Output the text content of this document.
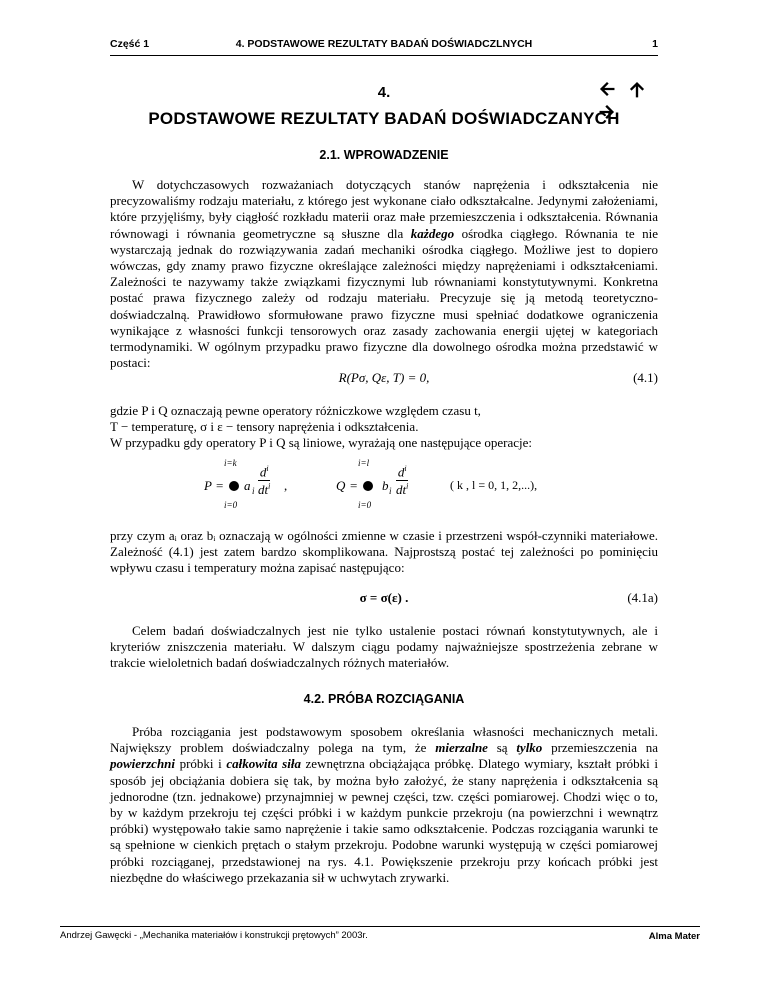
Część 1	4. PODSTAWOWE REZULTATY BADAŃ DOŚWIADCZLNYCH	1
4.

PODSTAWOWE REZULTATY BADAŃ DOŚWIADCZANYCH
2.1. WPROWADZENIE
W dotychczasowych rozważaniach dotyczących stanów naprężenia i odkształcenia nie precyzowaliśmy rodzaju materiału, z którego jest wykonane ciało odkształcalne. Jedynymi założeniami, które przyjęliśmy, były ciągłość rozkładu materii oraz małe przemieszczenia i odkształcenia. Równania równowagi i równania geometryczne są słuszne dla każdego ośrodka ciągłego. Równania te nie wystarczają jednak do rozwiązywania zadań mechaniki ośrodka ciągłego. Możliwe jest to dopiero wówczas, gdy znamy prawo fizyczne określające zależności między naprężeniami i odkształceniami. Zależności te nazywamy także związkami fizycznymi lub równaniami konstytutywnymi. Konkretna postać prawa fizycznego zależy od rodzaju materiału. Precyzuje się ją metodą teoretyczno-doświadczalną. Prawidłowo sformułowane prawo fizyczne musi spełniać dodatkowe ograniczenia wynikające z własności funkcji tensorowych oraz zasady zachowania energii ujętej w kategoriach termodynamiki. W ogólnym przypadku prawo fizyczne dla dowolnego ośrodka można przedstawić w postaci:
R(Pσ, Qε, T) = 0,	(4.1)
gdzie P i Q oznaczają pewne operatory różniczkowe względem czasu t,
T − temperaturę, σ i ε − tensory naprężenia i odkształcenia.
W przypadku gdy operatory P i Q są liniowe, wyrażają one następujące operacje:
P =
i=k
i=0
a i
$d^i$
$dt^i$ ,	Q =
i=l
i=0
b i
$d^i$
$dt^i$	( k , l = 0, 1, 2,...),
przy czym aᵢ oraz bᵢ oznaczają w ogólności zmienne w czasie i przestrzeni współ-czynniki materiałowe. Zależność (4.1) jest zatem bardzo skomplikowana. Najprostszą postać tej zależności po pominięciu wpływu czasu i temperatury można zapisać następująco:
σ = σ(ε) .	(4.1a)
Celem badań doświadczalnych jest nie tylko ustalenie postaci równań konstytutywnych, ale i kryteriów zniszczenia materiału. W dalszym ciągu podamy najważniejsze spostrzeżenia zebrane w trakcie wieloletnich badań doświadczalnych różnych materiałów.
4.2. PRÓBA ROZCIĄGANIA
Próba rozciągania jest podstawowym sposobem określania własności mechanicznych metali. Największy problem doświadczalny polega na tym, że mierzalne są tylko przemieszczenia na powierzchni próbki i całkowita siła zewnętrzna obciążająca próbkę. Dlatego wymiary, kształt próbki i sposób jej obciążania dobiera się tak, by można było założyć, że stany naprężenia i odkształcenia są jednorodne (tzn. jednakowe) przynajmniej w pewnej części, tzw. części pomiarowej. Chodzi więc o to, by w każdym przekroju tej części próbki i w każdym punkcie przekroju (na powierzchni i wewnątrz próbki) występowało takie samo naprężenie i takie samo odkształcenie. Podczas rozciągania warunki te są spełnione w cienkich prętach o stałym przekroju. Podobne warunki występują w części pomiarowej próbki rozciąganej, przedstawionej na rys. 4.1. Powiększenie przekroju przy końcach próbki jest niezbędne do właściwego przekazania sił w uchwytach zrywarki.
Andrzej Gawęcki - „Mechanika materiałów i konstrukcji prętowych” 2003r.	Alma Mater
